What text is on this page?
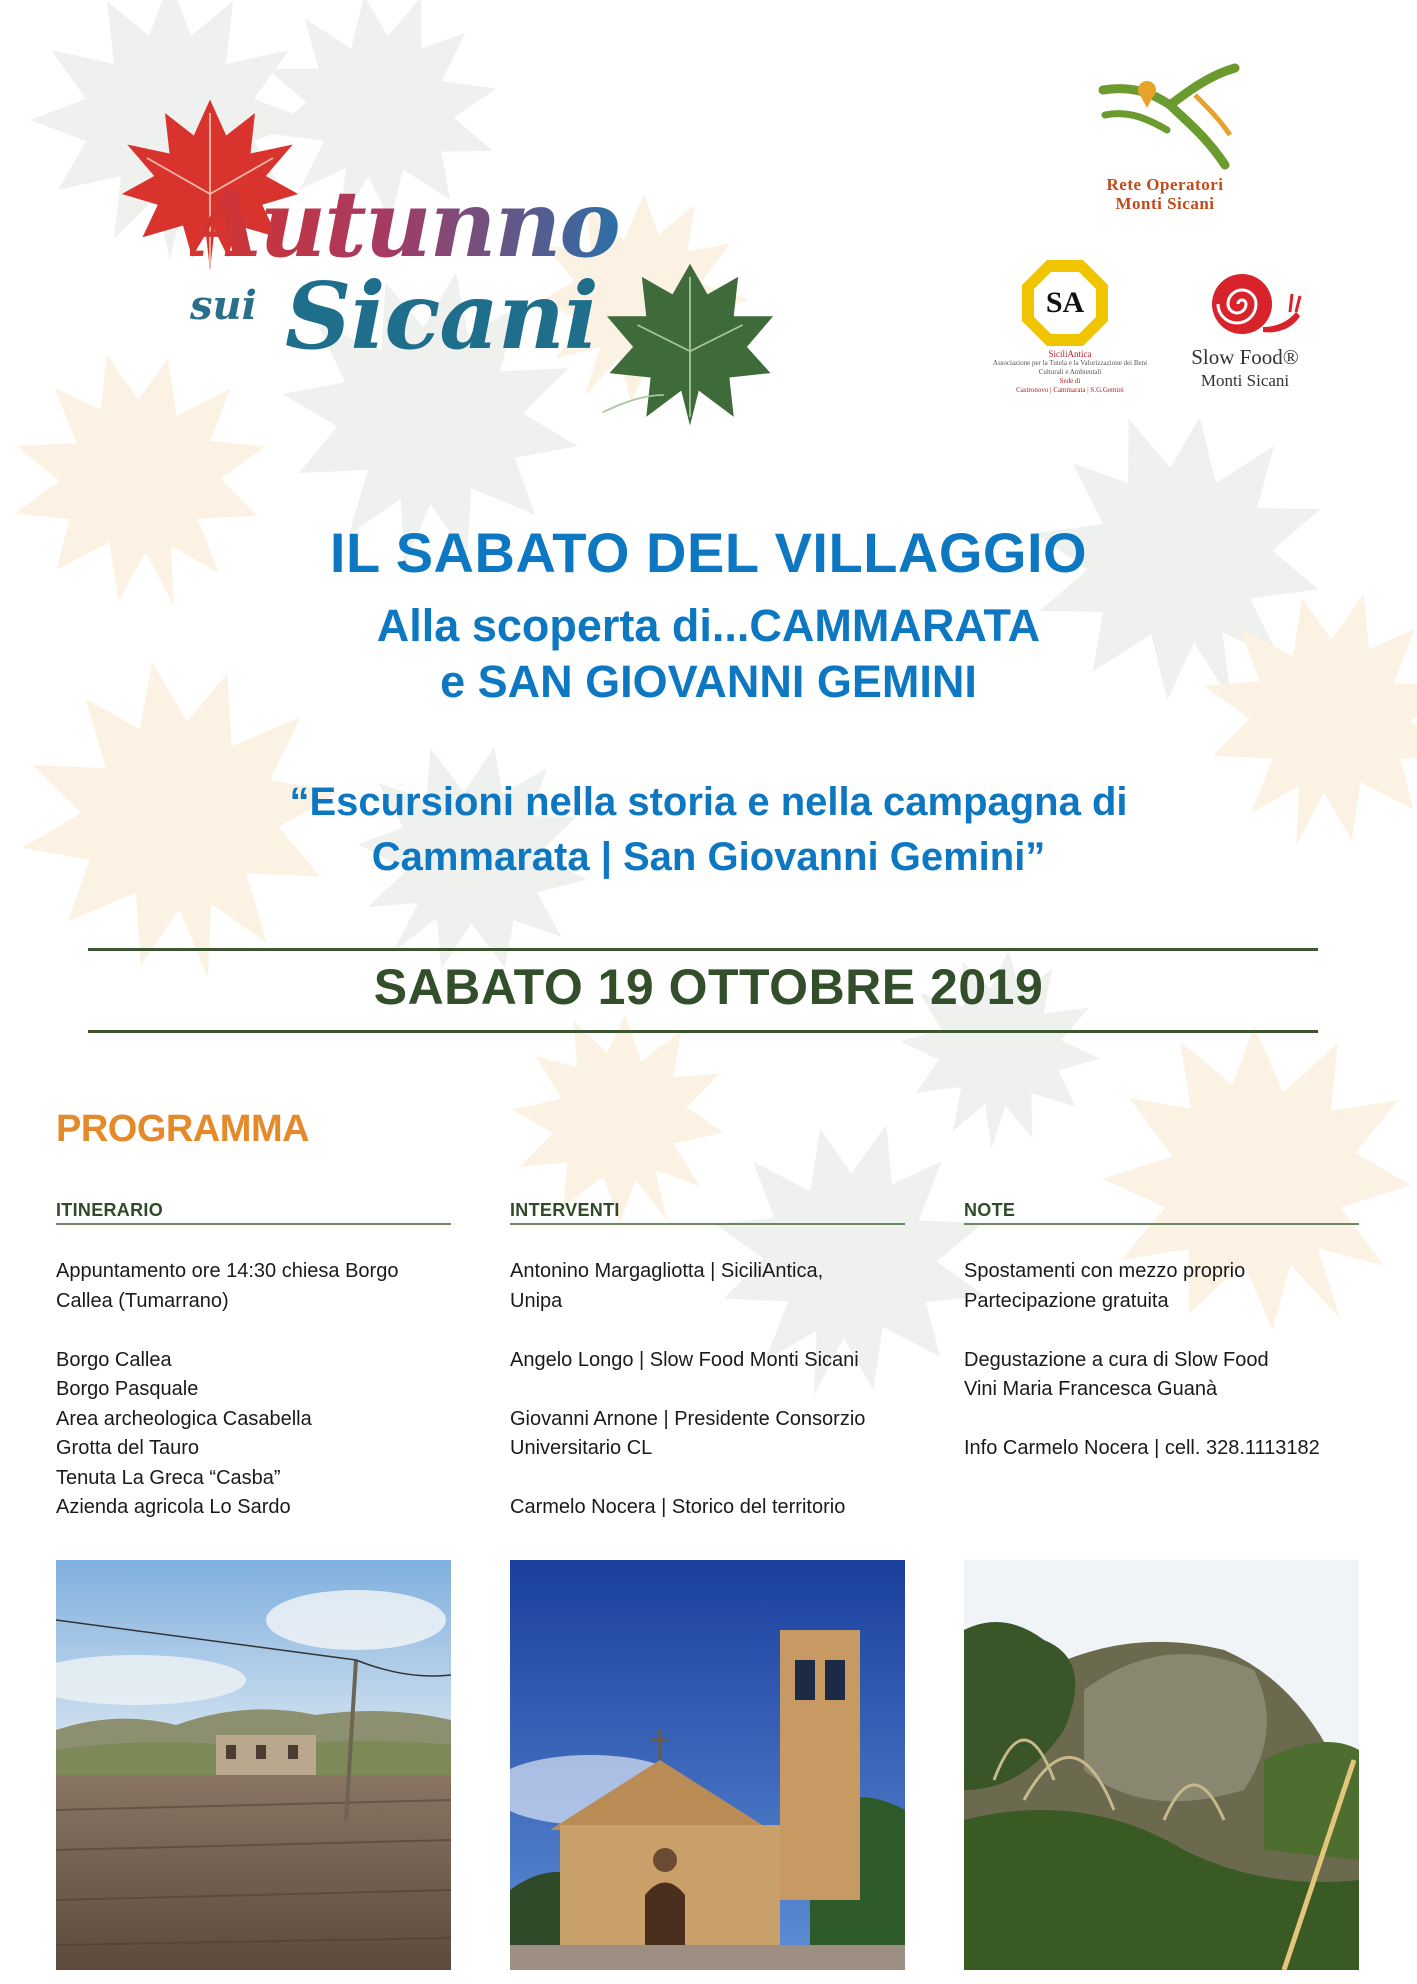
Autunno
sui Sicani
Rete Operatori
Monti Sicani
SA
SiciliAntica
Associazione per la Tutela e la Valorizzazione dei Beni Culturali e Ambientali
Sede di
Castronovo | Cammarata | S.G.Gemini
Slow Food®
Monti Sicani
IL SABATO DEL VILLAGGIO
Alla scoperta di...CAMMARATA
e SAN GIOVANNI GEMINI
“Escursioni nella storia e nella campagna di
Cammarata | San Giovanni Gemini”
SABATO 19 OTTOBRE 2019
PROGRAMMA
ITINERARIO
Appuntamento ore 14:30 chiesa Borgo
Callea (Tumarrano)
Borgo Callea
Borgo Pasquale
Area archeologica Casabella
Grotta del Tauro
Tenuta La Greca “Casba”
Azienda agricola Lo Sardo
INTERVENTI
Antonino Margagliotta | SiciliAntica,
Unipa
Angelo Longo | Slow Food Monti Sicani
Giovanni Arnone | Presidente Consorzio
Universitario CL
Carmelo Nocera | Storico del territorio
NOTE
Spostamenti con mezzo proprio
Partecipazione gratuita
Degustazione a cura di Slow Food
Vini Maria Francesca Guanà
Info Carmelo Nocera | cell. 328.1113182
